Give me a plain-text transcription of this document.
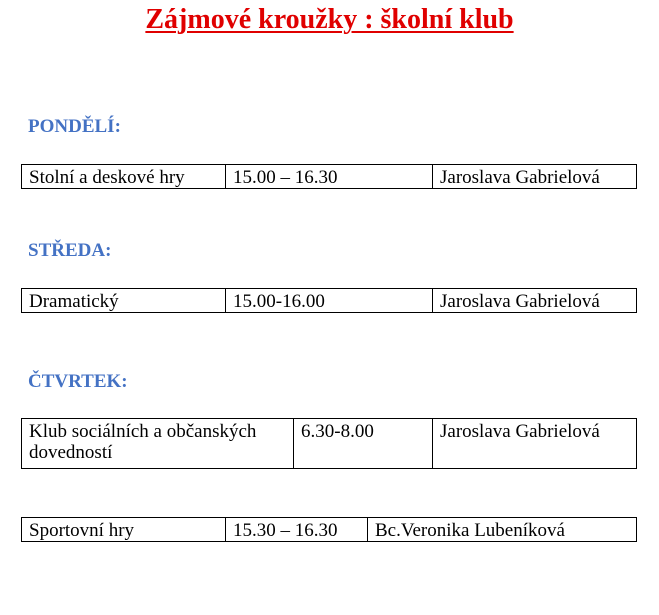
Zájmové kroužky : školní klub
PONDĚLÍ:
Stolní a deskové hry	15.00 – 16.30	Jaroslava Gabrielová
STŘEDA:
Dramatický	15.00-16.00	Jaroslava Gabrielová
ČTVRTEK:
Klub sociálních a občanských dovedností	6.30-8.00	Jaroslava Gabrielová
Sportovní hry	15.30 – 16.30	Bc.Veronika Lubeníková
